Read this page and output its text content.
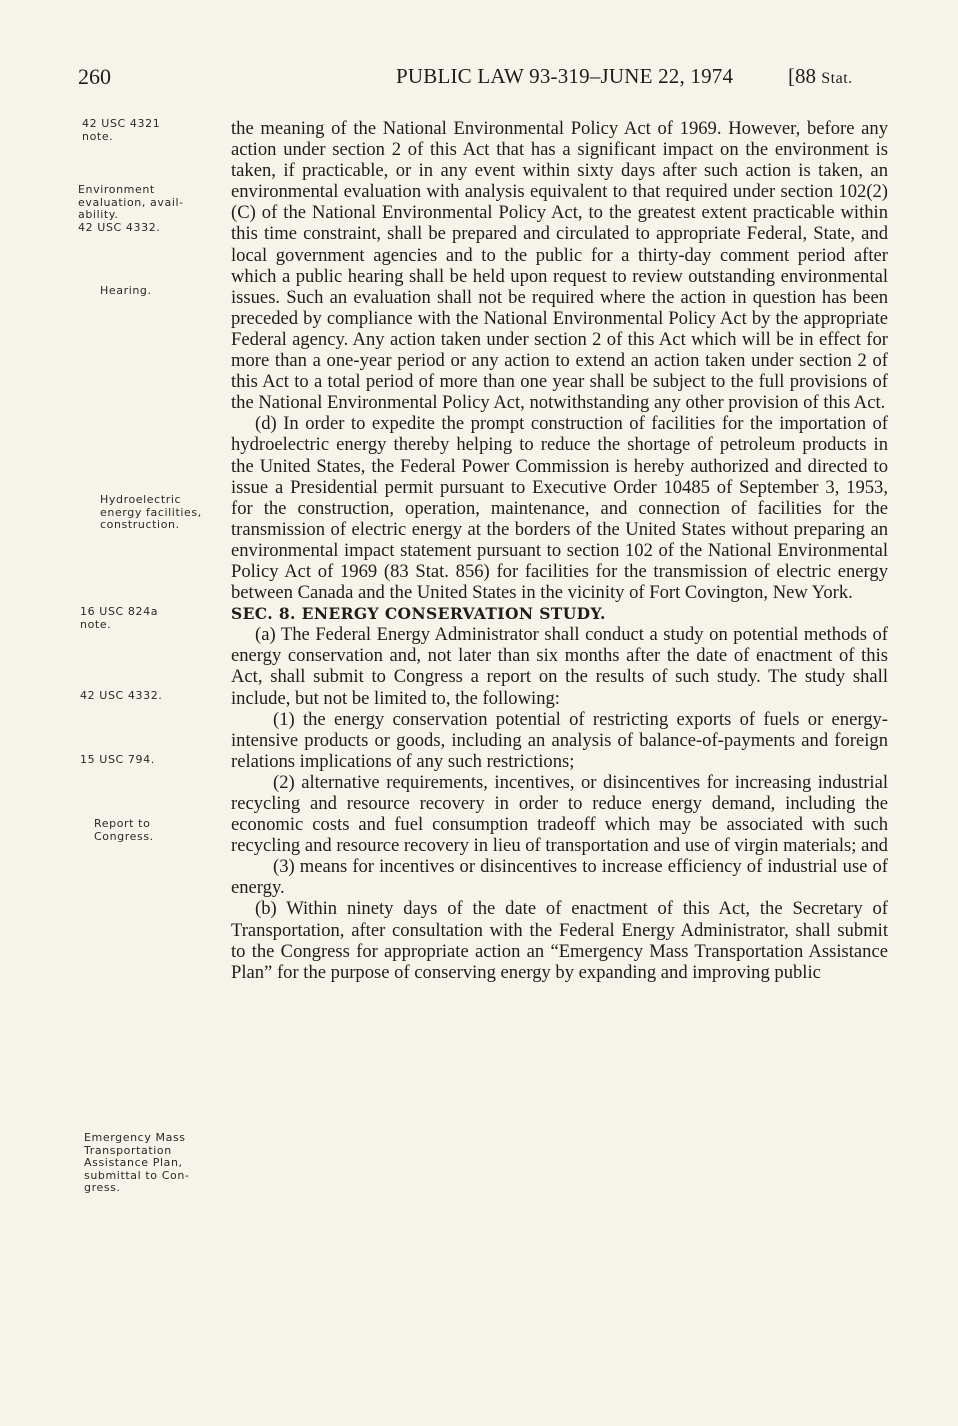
260	PUBLIC LAW 93-319–JUNE 22, 1974	[88 Stat.
42 USC 4321
note.
Environment
evaluation, avail-
ability.
42 USC 4332.
Hearing.
Hydroelectric
energy facilities,
construction.
16 USC 824a
note.
42 USC 4332.
15 USC 794.
Report to
Congress.
Emergency Mass
Transportation
Assistance Plan,
submittal to Con-
gress.

the meaning of the National Environmental Policy Act of 1969. However, before any action under section 2 of this Act that has a significant impact on the environment is taken, if practicable, or in any event within sixty days after such action is taken, an environmental evaluation with analysis equivalent to that required under section 102(2) (C) of the National Environmental Policy Act, to the greatest extent practicable within this time constraint, shall be prepared and circulated to appropriate Federal, State, and local government agencies and to the public for a thirty-day comment period after which a public hearing shall be held upon request to review outstanding environmental issues. Such an evaluation shall not be required where the action in question has been preceded by compliance with the National Environmental Policy Act by the appropriate Federal agency. Any action taken under section 2 of this Act which will be in effect for more than a one-year period or any action to extend an action taken under section 2 of this Act to a total period of more than one year shall be subject to the full provisions of the National Environmental Policy Act, notwithstanding any other provision of this Act.

(d) In order to expedite the prompt construction of facilities for the importation of hydroelectric energy thereby helping to reduce the shortage of petroleum products in the United States, the Federal Power Commission is hereby authorized and directed to issue a Presidential permit pursuant to Executive Order 10485 of September 3, 1953, for the construction, operation, maintenance, and connection of facilities for the transmission of electric energy at the borders of the United States without preparing an environmental impact statement pursuant to section 102 of the National Environmental Policy Act of 1969 (83 Stat. 856) for facilities for the transmission of electric energy between Canada and the United States in the vicinity of Fort Covington, New York.

SEC. 8. ENERGY CONSERVATION STUDY.

(a) The Federal Energy Administrator shall conduct a study on potential methods of energy conservation and, not later than six months after the date of enactment of this Act, shall submit to Congress a report on the results of such study. The study shall include, but not be limited to, the following:

(1) the energy conservation potential of restricting exports of fuels or energy-intensive products or goods, including an analysis of balance-of-payments and foreign relations implications of any such restrictions;

(2) alternative requirements, incentives, or disincentives for increasing industrial recycling and resource recovery in order to reduce energy demand, including the economic costs and fuel consumption tradeoff which may be associated with such recycling and resource recovery in lieu of transportation and use of virgin materials; and

(3) means for incentives or disincentives to increase efficiency of industrial use of energy.

(b) Within ninety days of the date of enactment of this Act, the Secretary of Transportation, after consultation with the Federal Energy Administrator, shall submit to the Congress for appropriate action an “Emergency Mass Transportation Assistance Plan” for the purpose of conserving energy by expanding and improving public
